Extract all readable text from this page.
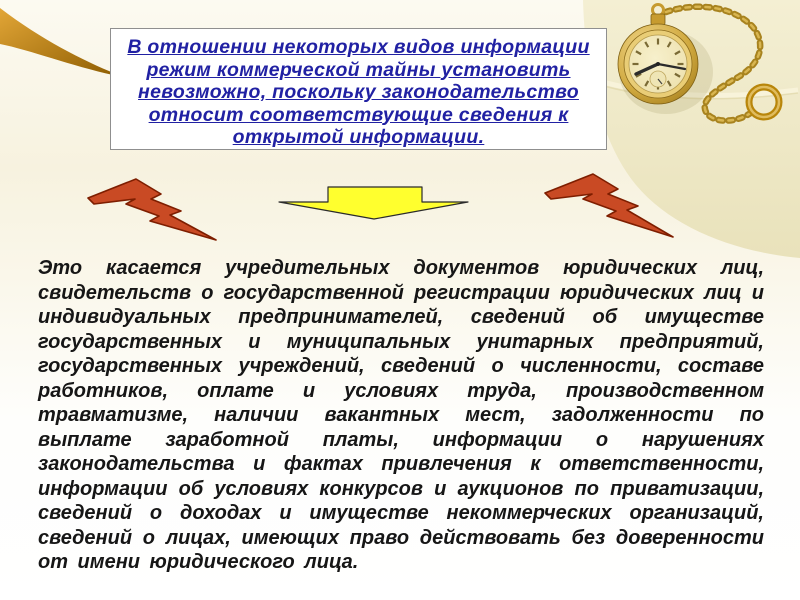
В отношении некоторых видов информации
режим коммерческой тайны установить
невозможно, поскольку законодательство
относит соответствующие сведения к
открытой информации.
Это касается учредительных документов юридических лиц, свидетельств о государственной регистрации юридических лиц и индивидуальных предпринимателей, сведений об имуществе государственных и муниципальных унитарных предприятий, государственных учреждений, сведений о численности, составе работников, оплате и условиях труда, производственном травматизме, наличии вакантных мест, задолженности по выплате заработной платы, информации о нарушениях законодательства и фактах привлечения к ответственности, информации об условиях конкурсов и аукционов по приватизации, сведений о доходах и имуществе некоммерческих организаций, сведений о лицах, имеющих право действовать без доверенности от имени юридического лица.
